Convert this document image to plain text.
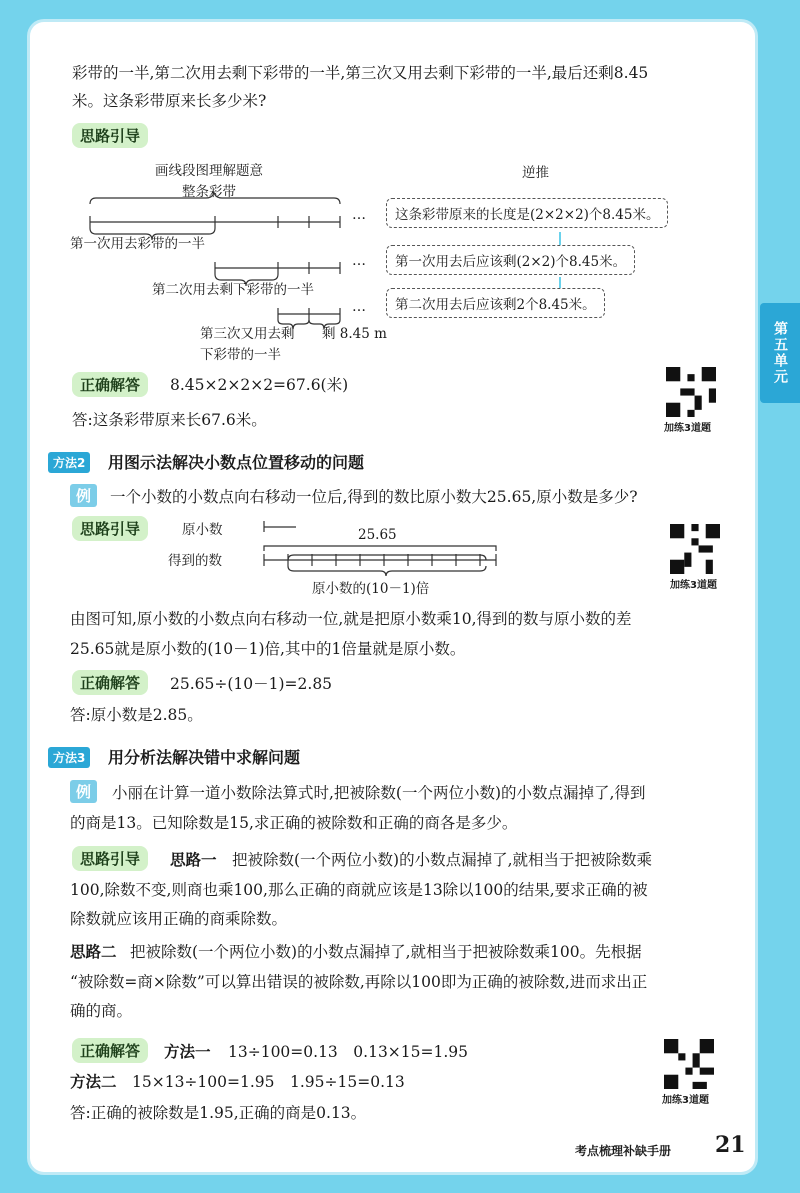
彩带的一半,第二次用去剩下彩带的一半,第三次又用去剩下彩带的一半,最后还剩8.45
米。这条彩带原来长多少米?
思路引导
画线段图理解题意	逆推
整条彩带
…
…
…
第一次用去彩带的一半
第二次用去剩下彩带的一半
第三次又用去剩
下彩带的一半
剩 8.45 m
这条彩带原来的长度是(2×2×2)个8.45米。
第一次用去后应该剩(2×2)个8.45米。
第二次用去后应该剩2个8.45米。
正确解答	8.45×2×2×2=67.6(米)
答:这条彩带原来长67.6米。	加练3道题
方法2	用图示法解决小数点位置移动的问题
例	一个小数的小数点向右移动一位后,得到的数比原小数大25.65,原小数是多少?
思路引导	原小数
得到的数
25.65
原小数的(10－1)倍	加练3道题
由图可知,原小数的小数点向右移动一位,就是把原小数乘10,得到的数与原小数的差
25.65就是原小数的(10－1)倍,其中的1倍量就是原小数。
正确解答	25.65÷(10－1)=2.85
答:原小数是2.85。
方法3	用分析法解决错中求解问题
例	小丽在计算一道小数除法算式时,把被除数(一个两位小数)的小数点漏掉了,得到
的商是13。已知除数是15,求正确的被除数和正确的商各是多少。
思路引导	思路一 把被除数(一个两位小数)的小数点漏掉了,就相当于把被除数乘
100,除数不变,则商也乘100,那么正确的商就应该是13除以100的结果,要求正确的被
除数就应该用正确的商乘除数。
思路二 把被除数(一个两位小数)的小数点漏掉了,就相当于把被除数乘100。先根据
“被除数=商×除数”可以算出错误的被除数,再除以100即为正确的被除数,进而求出正
确的商。
正确解答	方法一 13÷100=0.13　0.13×15=1.95
方法二 15×13÷100=1.95　1.95÷15=0.13
答:正确的被除数是1.95,正确的商是0.13。
加练3道题
考点梳理补缺手册 21
第五单元
